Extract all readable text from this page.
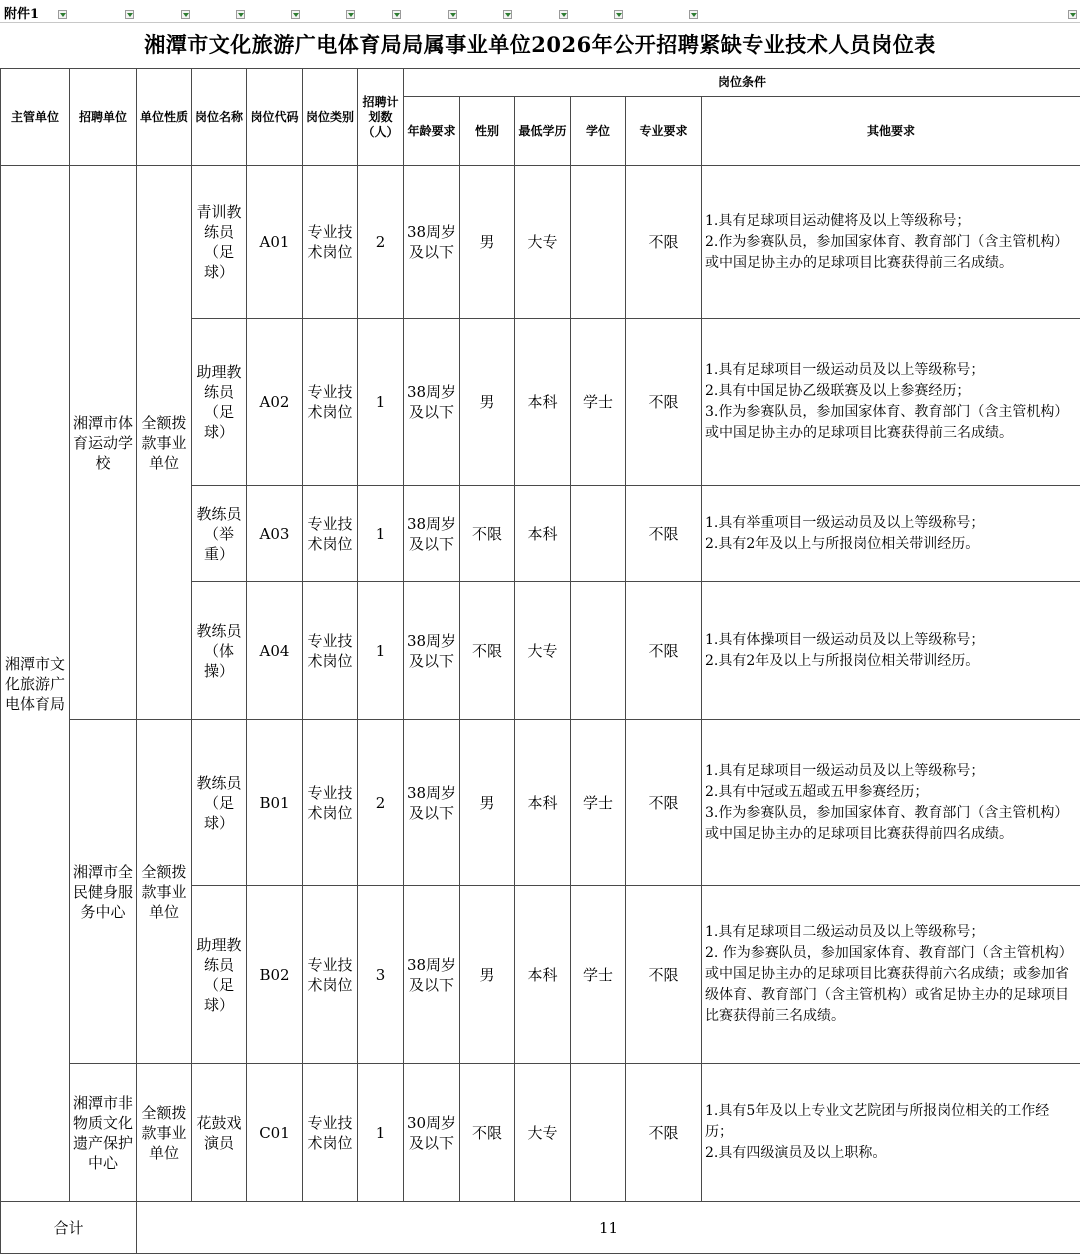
附件1
湘潭市文化旅游广电体育局局属事业单位2026年公开招聘紧缺专业技术人员岗位表
主管单位	招聘单位	单位性质	岗位名称	岗位代码	岗位类别	招聘计划数（人）	岗位条件					
							年龄要求	性别	最低学历	学位	专业要求	其他要求
湘潭市文化旅游广电体育局	湘潭市体育运动学校	全额拨款事业单位	青训教练员（足球）	A01	专业技术岗位	2	38周岁及以下	男	大专		不限	1.具有足球项目运动健将及以上等级称号；
2.作为参赛队员，参加国家体育、教育部门（含主管机构）或中国足协主办的足球项目比赛获得前三名成绩。

			助理教练员（足球）	A02	专业技术岗位	1	38周岁及以下	男	本科	学士	不限	1.具有足球项目一级运动员及以上等级称号；
2.具有中国足协乙级联赛及以上参赛经历；
3.作为参赛队员，参加国家体育、教育部门（含主管机构）或中国足协主办的足球项目比赛获得前三名成绩。

			教练员（举重）	A03	专业技术岗位	1	38周岁及以下	不限	本科		不限	1.具有举重项目一级运动员及以上等级称号；
2.具有2年及以上与所报岗位相关带训经历。

			教练员（体操）	A04	专业技术岗位	1	38周岁及以下	不限	大专		不限	1.具有体操项目一级运动员及以上等级称号；
2.具有2年及以上与所报岗位相关带训经历。

	湘潭市全民健身服务中心	全额拨款事业单位	教练员（足球）	B01	专业技术岗位	2	38周岁及以下	男	本科	学士	不限	1.具有足球项目一级运动员及以上等级称号；
2.具有中冠或五超或五甲参赛经历；
3.作为参赛队员，参加国家体育、教育部门（含主管机构）或中国足协主办的足球项目比赛获得前四名成绩。

			助理教练员（足球）	B02	专业技术岗位	3	38周岁及以下	男	本科	学士	不限	1.具有足球项目二级运动员及以上等级称号；
2. 作为参赛队员，参加国家体育、教育部门（含主管机构）或中国足协主办的足球项目比赛获得前六名成绩；或参加省级体育、教育部门（含主管机构）或省足协主办的足球项目比赛获得前三名成绩。

	湘潭市非物质文化遗产保护中心	全额拨款事业单位	花鼓戏演员	C01	专业技术岗位	1	30周岁及以下	不限	大专		不限	1.具有5年及以上专业文艺院团与所报岗位相关的工作经历；
2.具有四级演员及以上职称。

合计		11										
